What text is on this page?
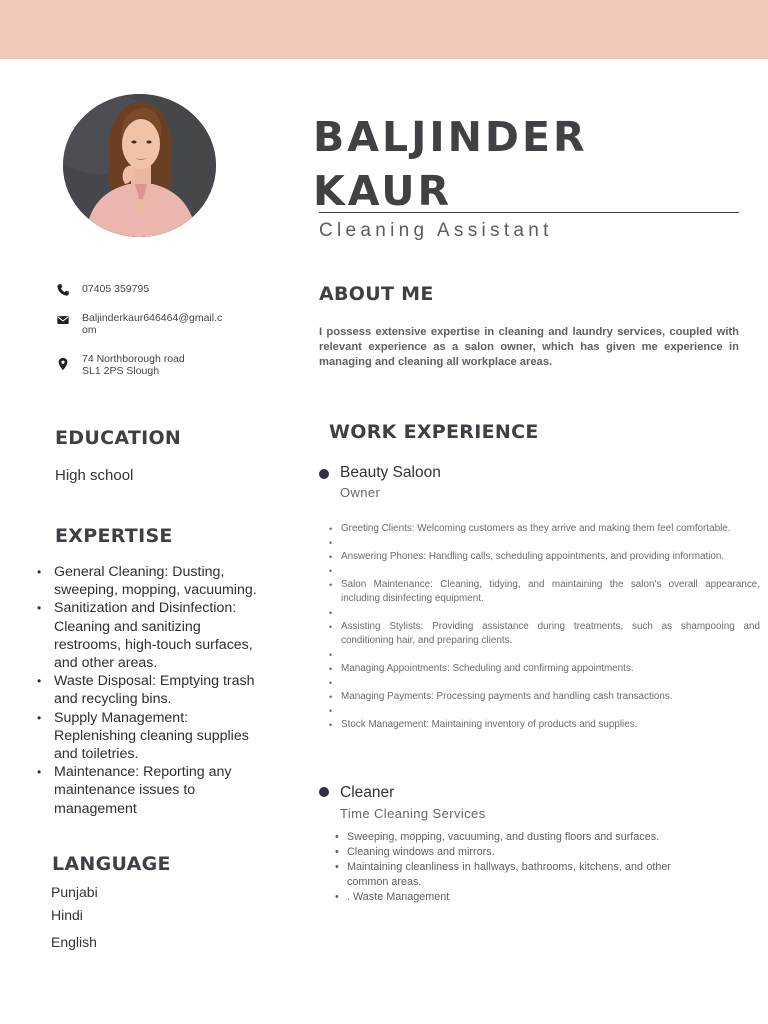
BALJINDER
KAUR
Cleaning Assistant
07405 359795
Baljinderkaur646464@gmail.c
om
74 Northborough road
SL1 2PS Slough
ABOUT ME
I possess extensive expertise in cleaning and laundry services, coupled with relevant experience as a salon owner, which has given me experience in managing and cleaning all workplace areas.
EDUCATION
High school
EXPERTISE
• General Cleaning: Dusting, sweeping, mopping, vacuuming.
• Sanitization and Disinfection: Cleaning and sanitizing restrooms, high-touch surfaces, and other areas.
• Waste Disposal: Emptying trash and recycling bins.
• Supply Management: Replenishing cleaning supplies and toiletries.
• Maintenance: Reporting any maintenance issues to management
LANGUAGE
Punjabi
Hindi
English
WORK EXPERIENCE
Beauty Saloon
Owner
• Greeting Clients: Welcoming customers as they arrive and making them feel comfortable.
•
• Answering Phones: Handling calls, scheduling appointments, and providing information.
•
• Salon Maintenance: Cleaning, tidying, and maintaining the salon's overall appearance, including disinfecting equipment.
•
• Assisting Stylists: Providing assistance during treatments, such as shampooing and conditioning hair, and preparing clients.
•
• Managing Appointments: Scheduling and confirming appointments.
•
• Managing Payments: Processing payments and handling cash transactions.
•
• Stock Management: Maintaining inventory of products and supplies.
Cleaner
Time Cleaning Services
• Sweeping, mopping, vacuuming, and dusting floors and surfaces.
• Cleaning windows and mirrors.
• Maintaining cleanliness in hallways, bathrooms, kitchens, and other common areas.
• . Waste Management
